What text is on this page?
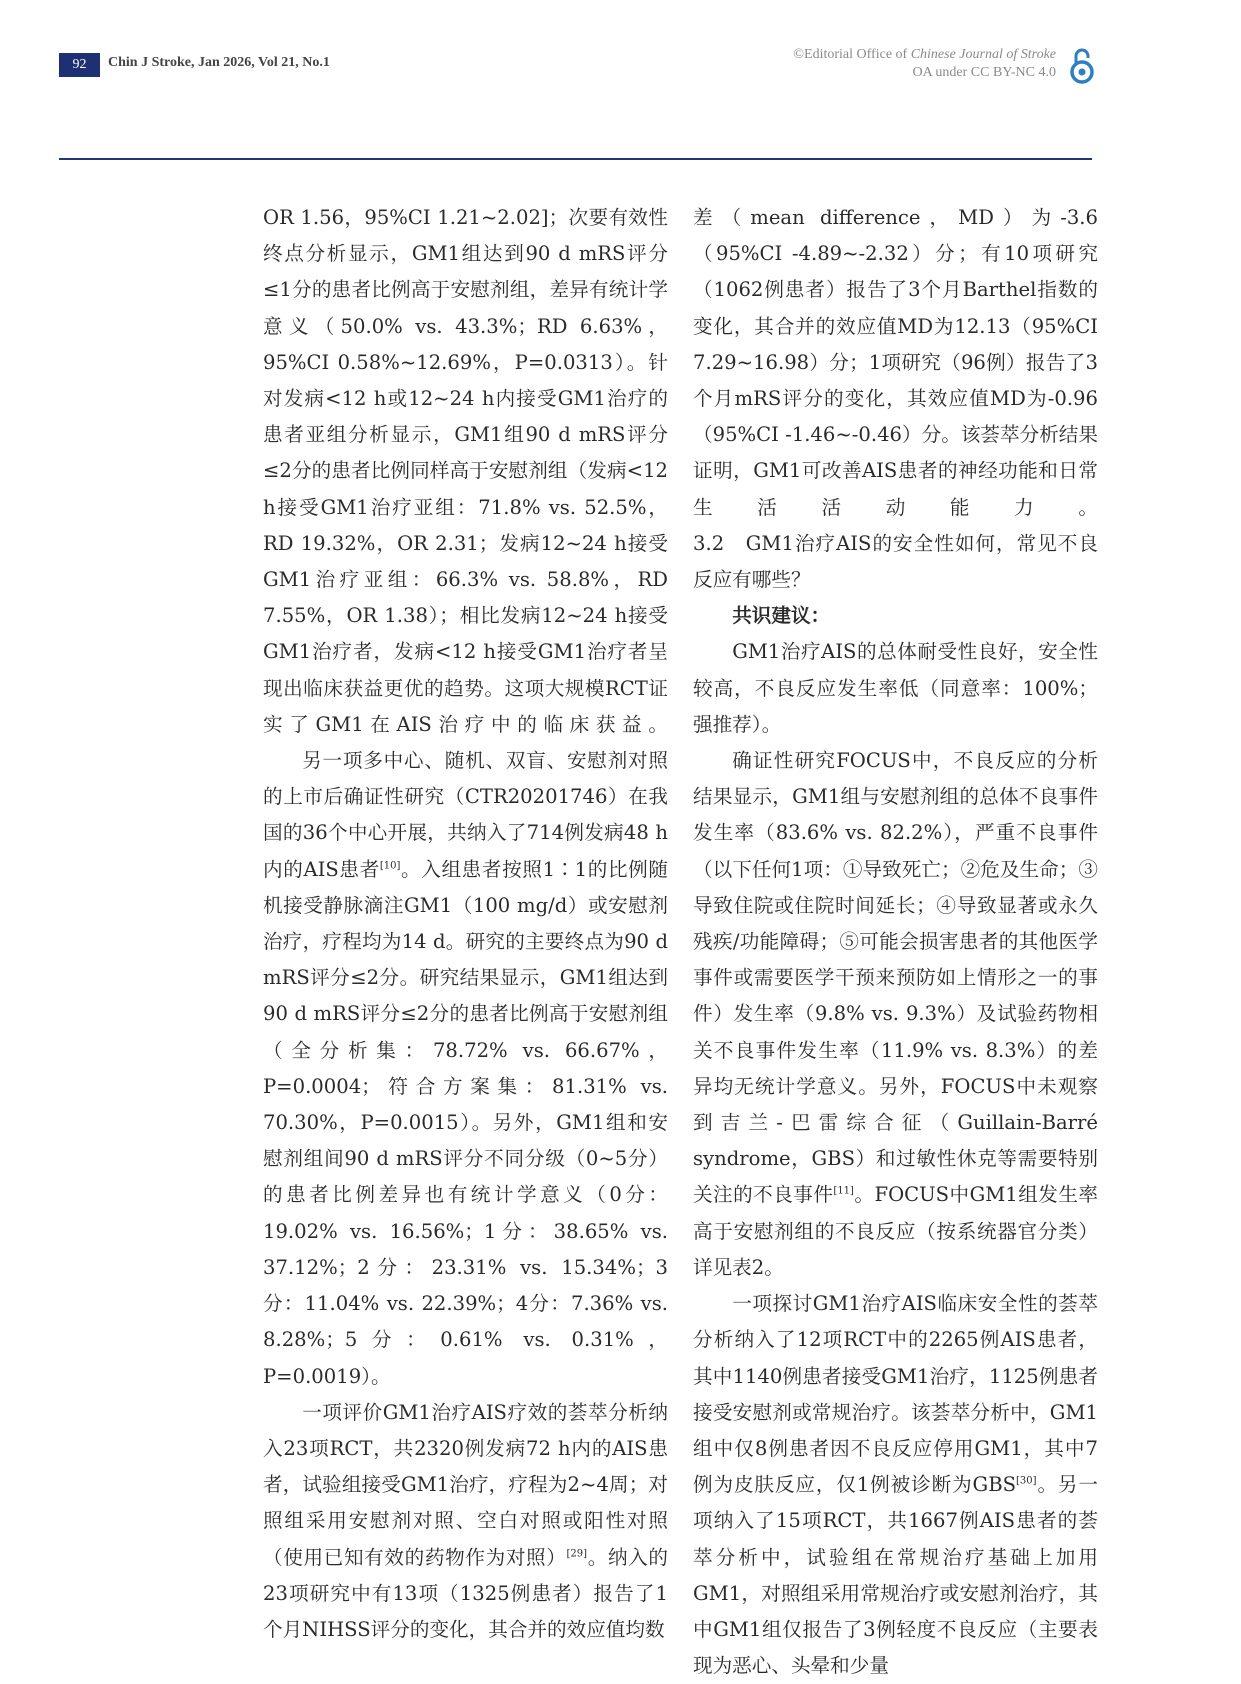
92	Chin J Stroke, Jan 2026, Vol 21, No.1
©Editorial Office of Chinese Journal of Stroke
OA under CC BY-NC 4.0

OR 1.56，95%CI 1.21~2.02]；次要有效性终点分析显示，GM1组达到90 d mRS评分≤1分的患者比例高于安慰剂组，差异有统计学意义（50.0% vs. 43.3%；RD 6.63%，95%CI 0.58%~12.69%，P=0.0313）。针对发病<12 h或12~24 h内接受GM1治疗的患者亚组分析显示，GM1组90 d mRS评分≤2分的患者比例同样高于安慰剂组（发病<12 h接受GM1治疗亚组：71.8% vs. 52.5%，RD 19.32%，OR 2.31；发病12~24 h接受GM1治疗亚组：66.3% vs. 58.8%，RD 7.55%，OR 1.38）；相比发病12~24 h接受GM1治疗者，发病<12 h接受GM1治疗者呈现出临床获益更优的趋势。这项大规模RCT证实了GM1在AIS治疗中的临床获益。

另一项多中心、随机、双盲、安慰剂对照的上市后确证性研究（CTR20201746）在我国的36个中心开展，共纳入了714例发病48 h内的AIS患者[10]。入组患者按照1∶1的比例随机接受静脉滴注GM1（100 mg/d）或安慰剂治疗，疗程均为14 d。研究的主要终点为90 d mRS评分≤2分。研究结果显示，GM1组达到90 d mRS评分≤2分的患者比例高于安慰剂组（全分析集：78.72% vs. 66.67%，P=0.0004；符合方案集：81.31% vs. 70.30%，P=0.0015）。另外，GM1组和安慰剂组间90 d mRS评分不同分级（0~5分）的患者比例差异也有统计学意义（0分：19.02% vs. 16.56%；1分：38.65% vs. 37.12%；2分：23.31% vs. 15.34%；3分：11.04% vs. 22.39%；4分：7.36% vs. 8.28%；5分：0.61% vs. 0.31%，P=0.0019）。

一项评价GM1治疗AIS疗效的荟萃分析纳入23项RCT，共2320例发病72 h内的AIS患者，试验组接受GM1治疗，疗程为2~4周；对照组采用安慰剂对照、空白对照或阳性对照（使用已知有效的药物作为对照）[29]。纳入的23项研究中有13项（1325例患者）报告了1个月NIHSS评分的变化，其合并的效应值均数

差（mean difference，MD）为-3.6（95%CI -4.89~-2.32）分；有10项研究（1062例患者）报告了3个月Barthel指数的变化，其合并的效应值MD为12.13（95%CI 7.29~16.98）分；1项研究（96例）报告了3个月mRS评分的变化，其效应值MD为-0.96（95%CI -1.46~-0.46）分。该荟萃分析结果证明，GM1可改善AIS患者的神经功能和日常生活活动能力。

3.2　GM1治疗AIS的安全性如何，常见不良反应有哪些？

共识建议：

GM1治疗AIS的总体耐受性良好，安全性较高，不良反应发生率低（同意率：100%；强推荐）。

确证性研究FOCUS中，不良反应的分析结果显示，GM1组与安慰剂组的总体不良事件发生率（83.6% vs. 82.2%），严重不良事件（以下任何1项：①导致死亡；②危及生命；③导致住院或住院时间延长；④导致显著或永久残疾/功能障碍；⑤可能会损害患者的其他医学事件或需要医学干预来预防如上情形之一的事件）发生率（9.8% vs. 9.3%）及试验药物相关不良事件发生率（11.9% vs. 8.3%）的差异均无统计学意义。另外，FOCUS中未观察到吉兰-巴雷综合征（Guillain-Barré syndrome，GBS）和过敏性休克等需要特别关注的不良事件[11]。FOCUS中GM1组发生率高于安慰剂组的不良反应（按系统器官分类）详见表2。

一项探讨GM1治疗AIS临床安全性的荟萃分析纳入了12项RCT中的2265例AIS患者，其中1140例患者接受GM1治疗，1125例患者接受安慰剂或常规治疗。该荟萃分析中，GM1组中仅8例患者因不良反应停用GM1，其中7例为皮肤反应，仅1例被诊断为GBS[30]。另一项纳入了15项RCT，共1667例AIS患者的荟萃分析中，试验组在常规治疗基础上加用GM1，对照组采用常规治疗或安慰剂治疗，其中GM1组仅报告了3例轻度不良反应（主要表现为恶心、头晕和少量
